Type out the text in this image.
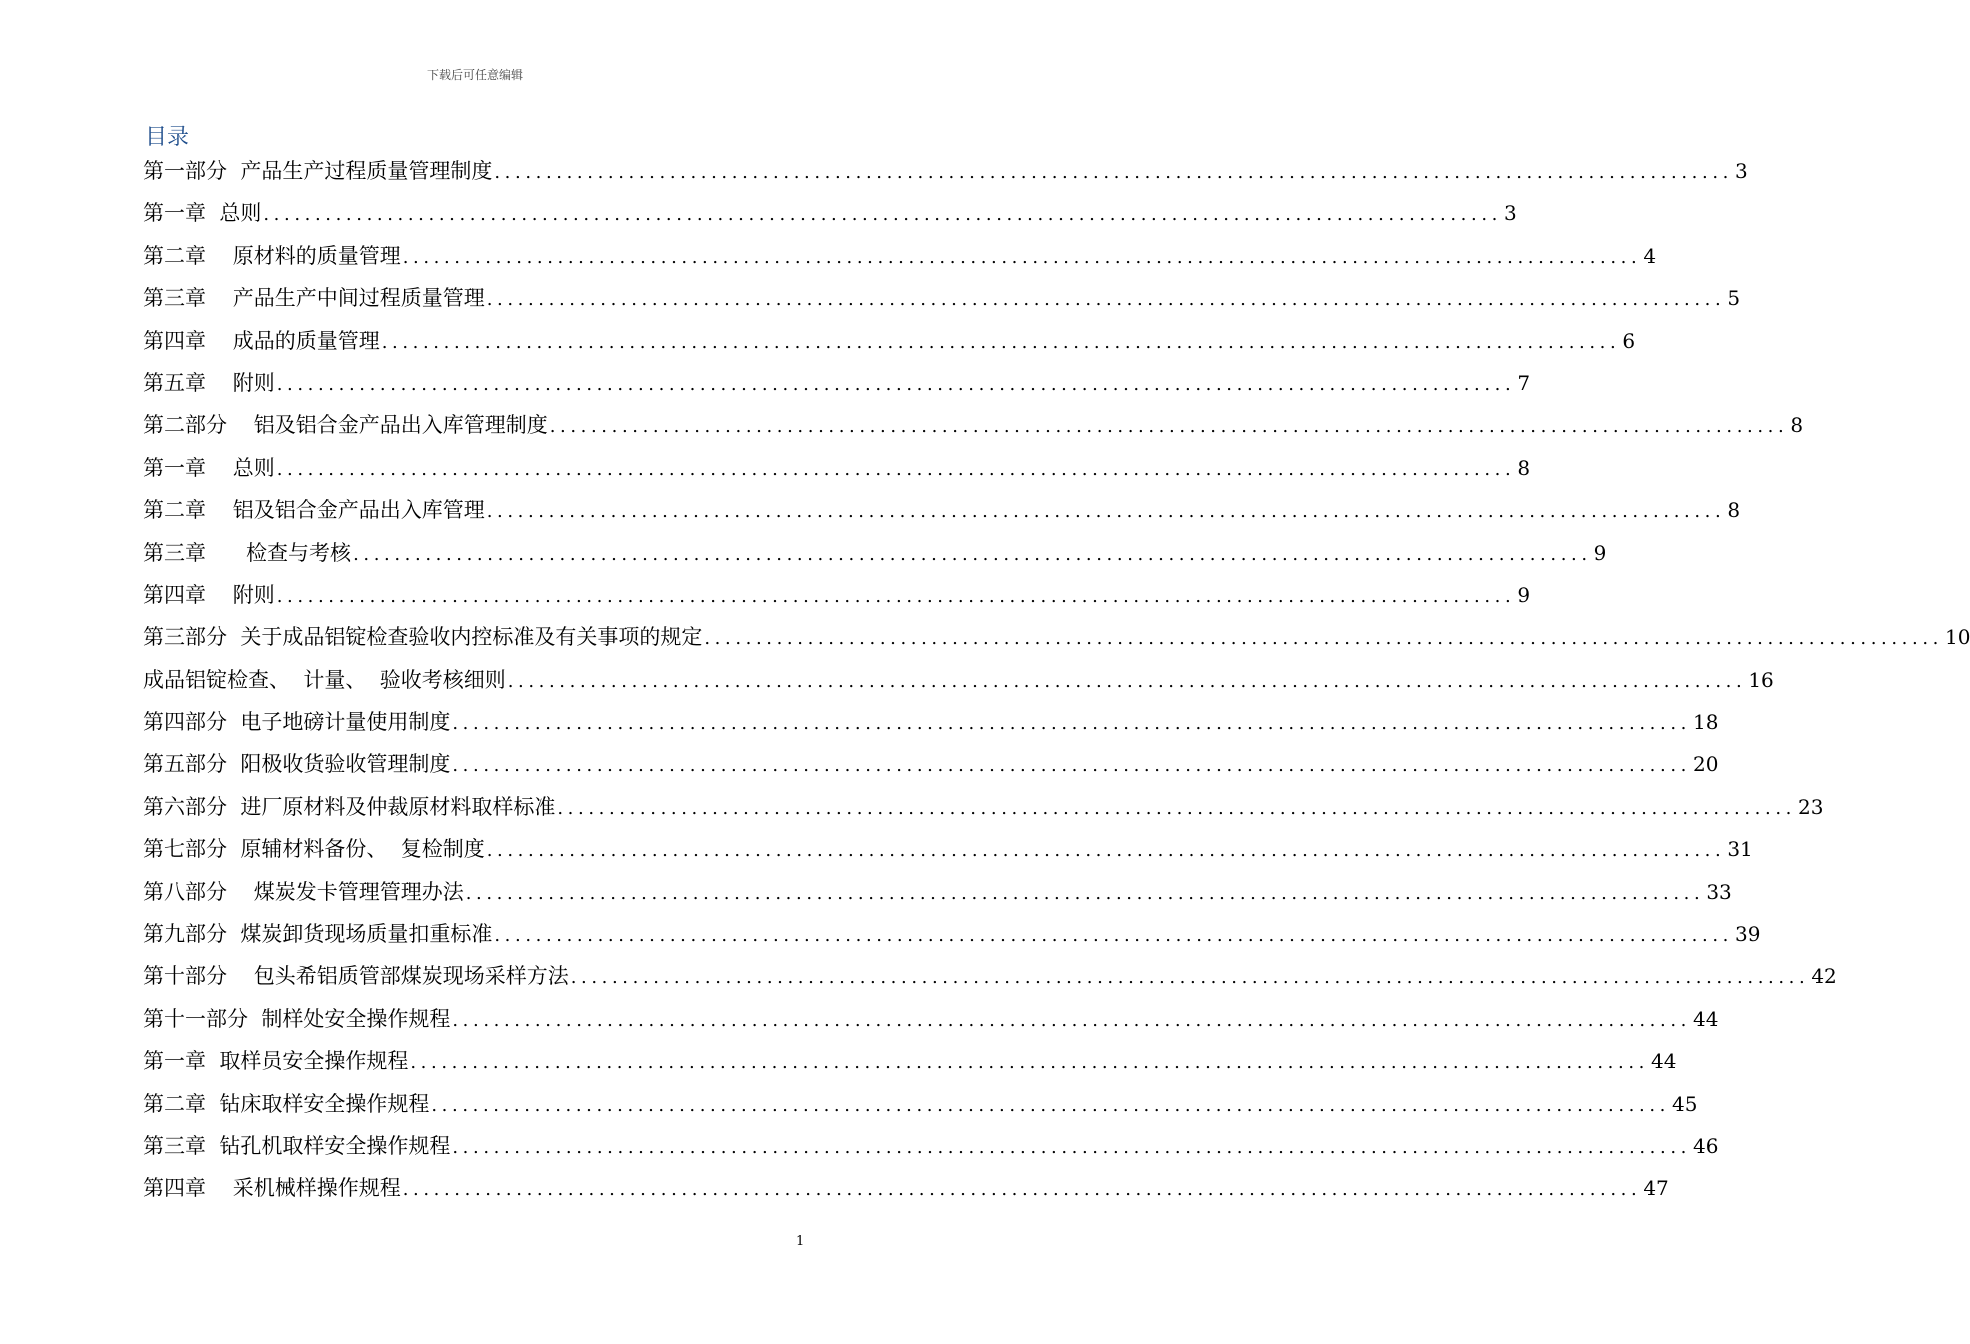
下载后可任意编辑
目录
第一部分  产品生产过程质量管理制度 ........................................................................................................................ 3
第一章  总则 ........................................................................................................................ 3
第二章    原材料的质量管理 ........................................................................................................................ 4
第三章    产品生产中间过程质量管理 ........................................................................................................................ 5
第四章    成品的质量管理 ........................................................................................................................ 6
第五章    附则 ........................................................................................................................ 7
第二部分    铝及铝合金产品出入库管理制度 ........................................................................................................................ 8
第一章    总则 ........................................................................................................................ 8
第二章    铝及铝合金产品出入库管理 ........................................................................................................................ 8
第三章      检查与考核 ........................................................................................................................ 9
第四章    附则 ........................................................................................................................ 9
第三部分  关于成品铝锭检查验收内控标准及有关事项的规定 ........................................................................................................................ 10
成品铝锭检查、  计量、  验收考核细则 ........................................................................................................................ 16
第四部分  电子地磅计量使用制度 ........................................................................................................................ 18
第五部分  阳极收货验收管理制度 ........................................................................................................................ 20
第六部分  进厂原材料及仲裁原材料取样标准 ........................................................................................................................ 23
第七部分  原辅材料备份、  复检制度 ........................................................................................................................ 31
第八部分    煤炭发卡管理管理办法 ........................................................................................................................ 33
第九部分  煤炭卸货现场质量扣重标准 ........................................................................................................................ 39
第十部分    包头希铝质管部煤炭现场采样方法 ........................................................................................................................ 42
第十一部分  制样处安全操作规程 ........................................................................................................................ 44
第一章  取样员安全操作规程 ........................................................................................................................ 44
第二章  钻床取样安全操作规程 ........................................................................................................................ 45
第三章  钻孔机取样安全操作规程 ........................................................................................................................ 46
第四章    采机械样操作规程 ........................................................................................................................ 47
1
